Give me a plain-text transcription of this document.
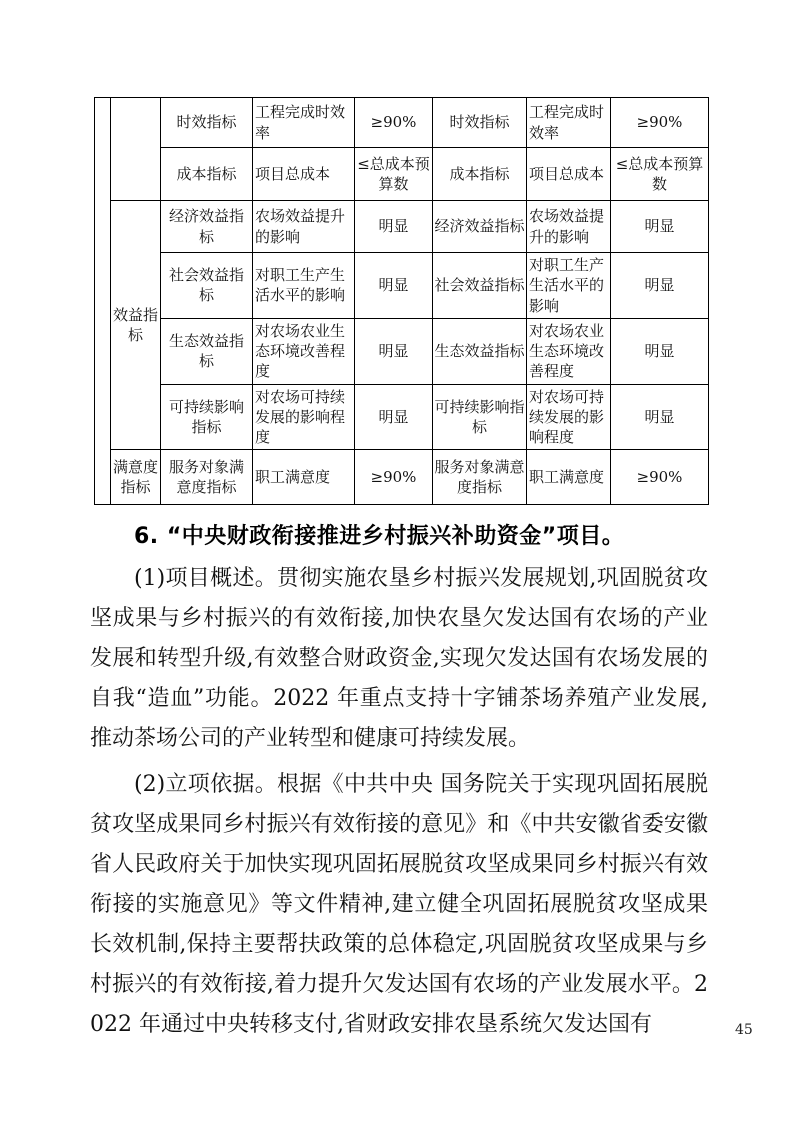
		时效指标	工程完成时效率	≥90%	时效指标	工程完成时效率	≥90%
		成本指标	项目总成本	≤总成本预算数	成本指标	项目总成本	≤总成本预算数
	效益指标	经济效益指标	农场效益提升的影响	明显	经济效益指标	农场效益提升的影响	明显
		社会效益指标	对职工生产生活水平的影响	明显	社会效益指标	对职工生产生活水平的影响	明显
		生态效益指标	对农场农业生态环境改善程度	明显	生态效益指标	对农场农业生态环境改善程度	明显
		可持续影响指标	对农场可持续发展的影响程度	明显	可持续影响指标	对农场可持续发展的影响程度	明显
	满意度指标	服务对象满意度指标	职工满意度	≥90%	服务对象满意度指标	职工满意度	≥90%
6. “中央财政衔接推进乡村振兴补助资金”项目。

(1)项目概述。贯彻实施农垦乡村振兴发展规划,巩固脱贫攻坚成果与乡村振兴的有效衔接,加快农垦欠发达国有农场的产业发展和转型升级,有效整合财政资金,实现欠发达国有农场发展的自我“造血”功能。2022 年重点支持十字铺茶场养殖产业发展,推动茶场公司的产业转型和健康可持续发展。

(2)立项依据。根据《中共中央 国务院关于实现巩固拓展脱贫攻坚成果同乡村振兴有效衔接的意见》和《中共安徽省委安徽省人民政府关于加快实现巩固拓展脱贫攻坚成果同乡村振兴有效衔接的实施意见》等文件精神,建立健全巩固拓展脱贫攻坚成果长效机制,保持主要帮扶政策的总体稳定,巩固脱贫攻坚成果与乡村振兴的有效衔接,着力提升欠发达国有农场的产业发展水平。2022 年通过中央转移支付,省财政安排农垦系统欠发达国有	45
